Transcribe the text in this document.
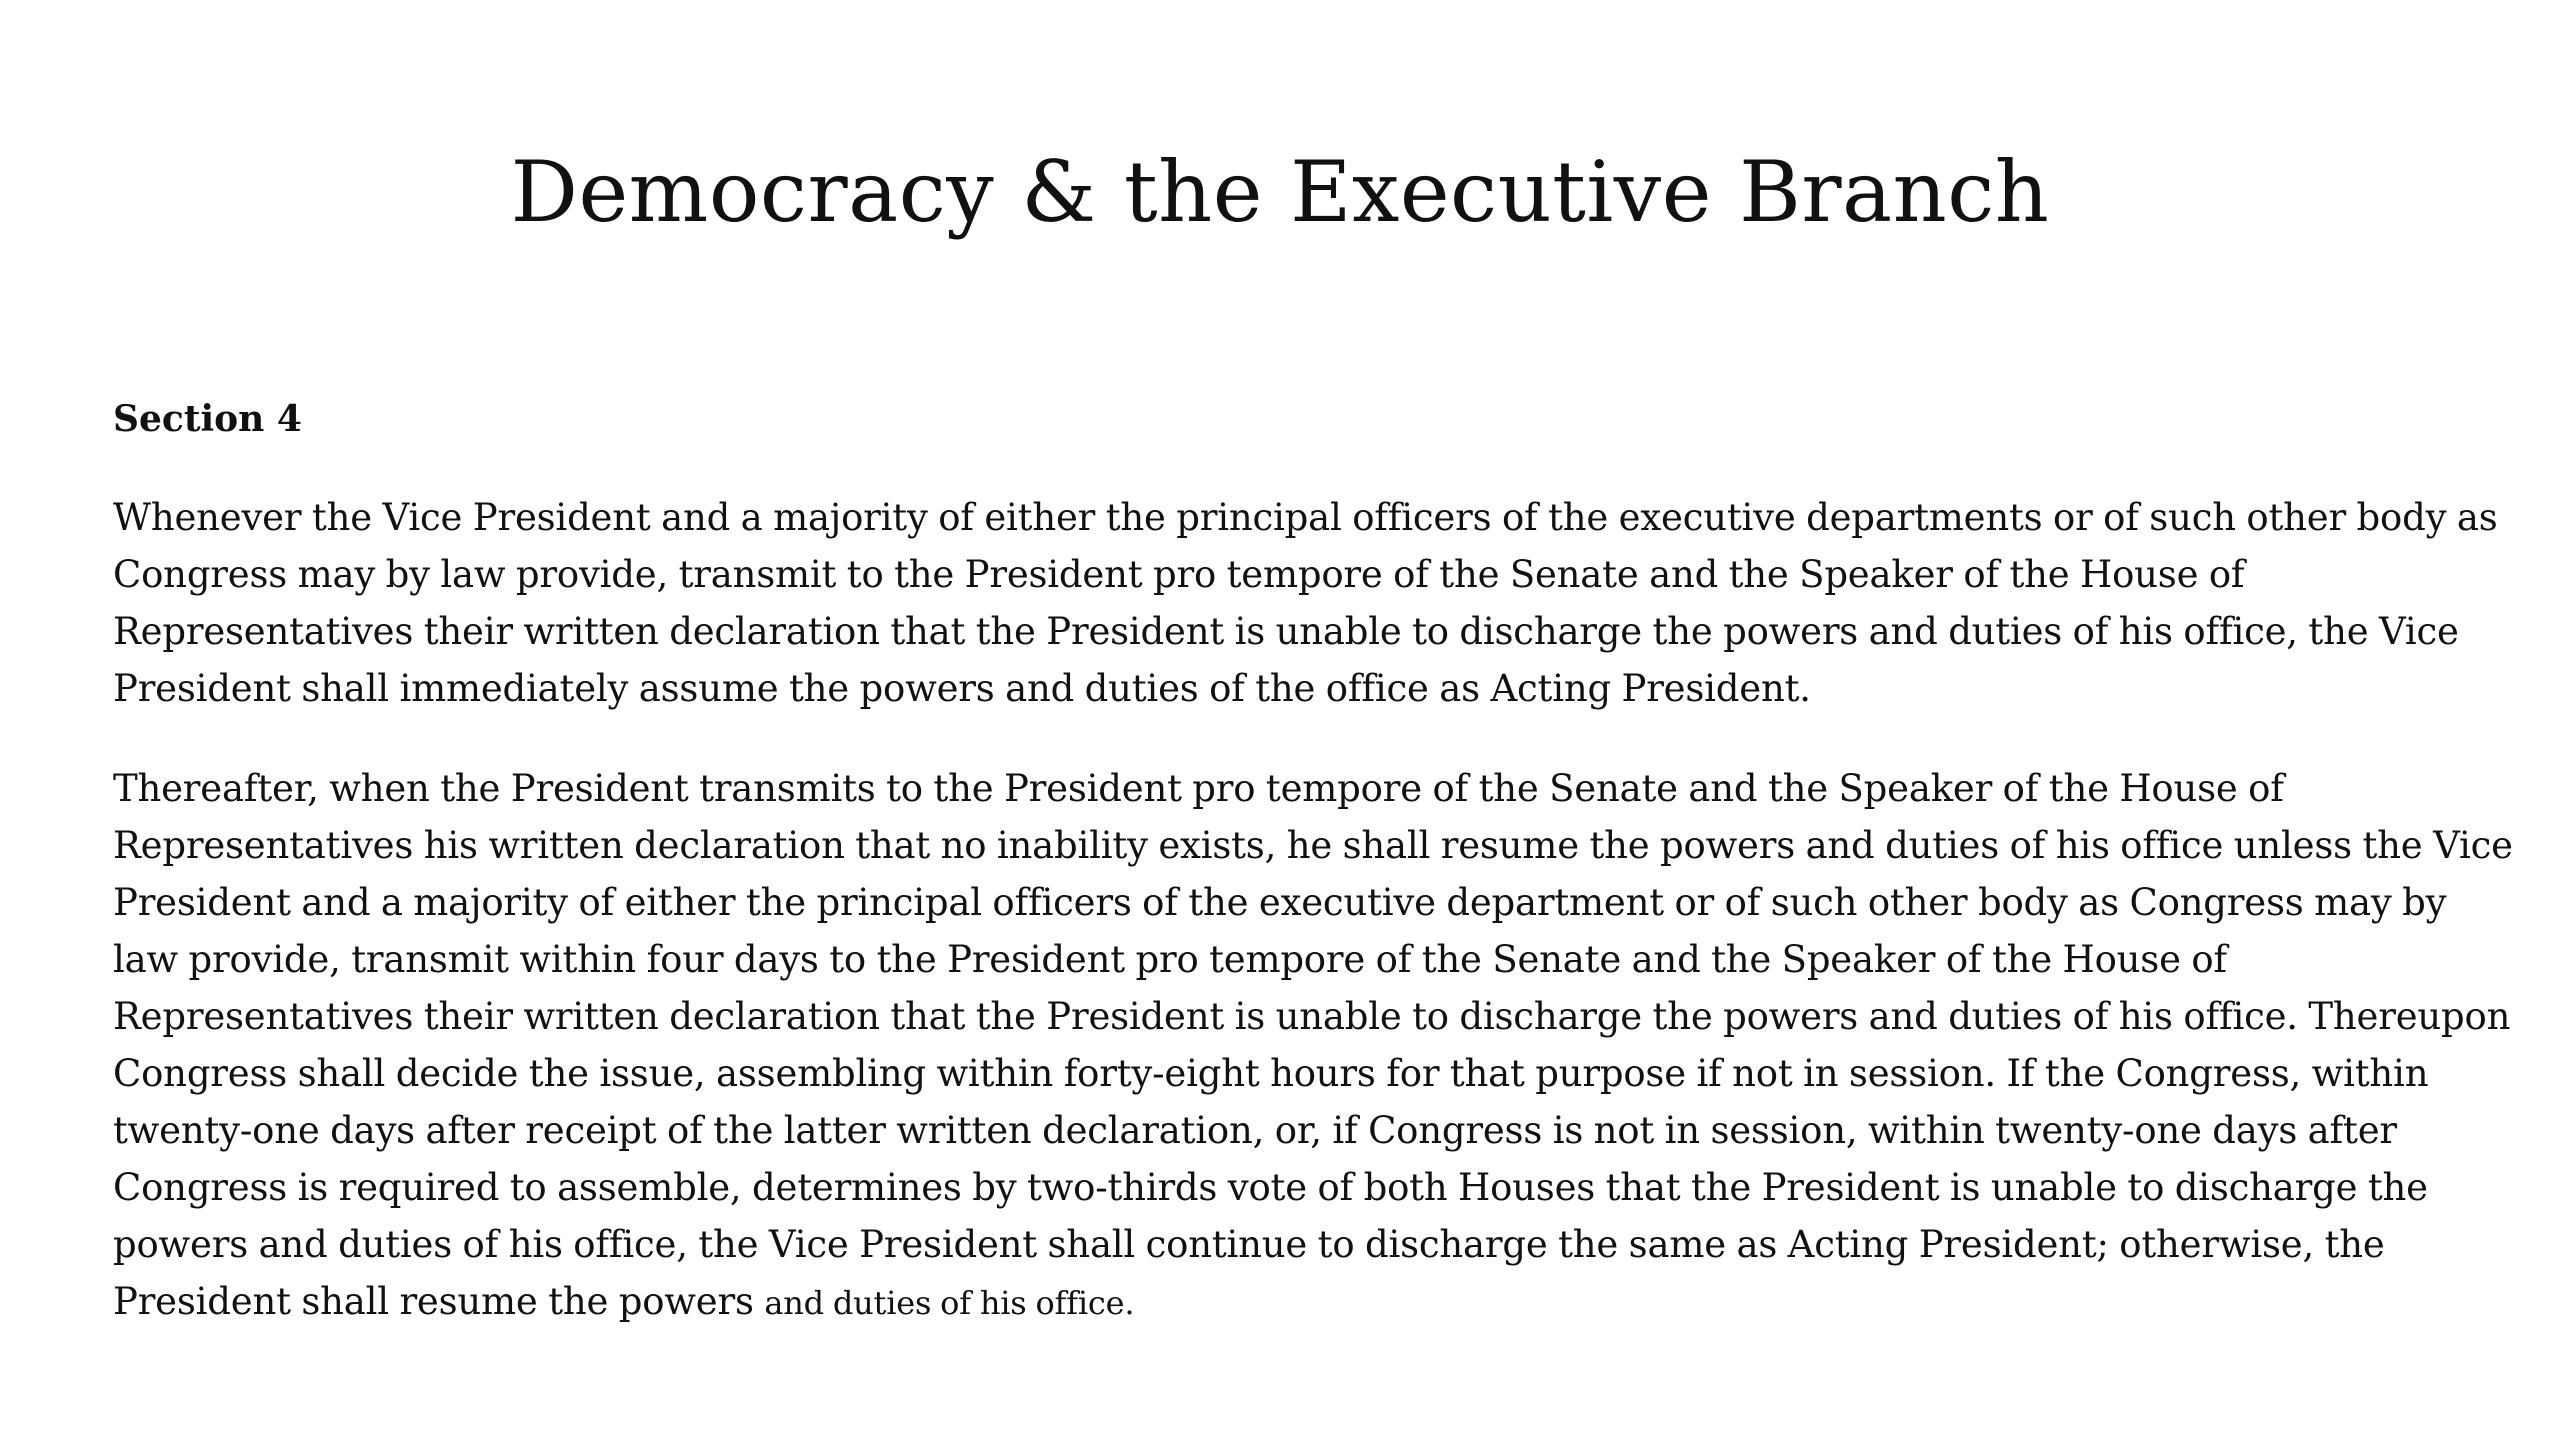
Democracy & the Executive Branch
Section 4

Whenever the Vice President and a majority of either the principal officers of the executive departments or of such other body as
Congress may by law provide, transmit to the President pro tempore of the Senate and the Speaker of the House of
Representatives their written declaration that the President is unable to discharge the powers and duties of his office, the Vice
President shall immediately assume the powers and duties of the office as Acting President.

Thereafter, when the President transmits to the President pro tempore of the Senate and the Speaker of the House of
Representatives his written declaration that no inability exists, he shall resume the powers and duties of his office unless the Vice
President and a majority of either the principal officers of the executive department or of such other body as Congress may by
law provide, transmit within four days to the President pro tempore of the Senate and the Speaker of the House of
Representatives their written declaration that the President is unable to discharge the powers and duties of his office. Thereupon
Congress shall decide the issue, assembling within forty-eight hours for that purpose if not in session. If the Congress, within
twenty-one days after receipt of the latter written declaration, or, if Congress is not in session, within twenty-one days after
Congress is required to assemble, determines by two-thirds vote of both Houses that the President is unable to discharge the
powers and duties of his office, the Vice President shall continue to discharge the same as Acting President; otherwise, the
President shall resume the powers and duties of his office.
